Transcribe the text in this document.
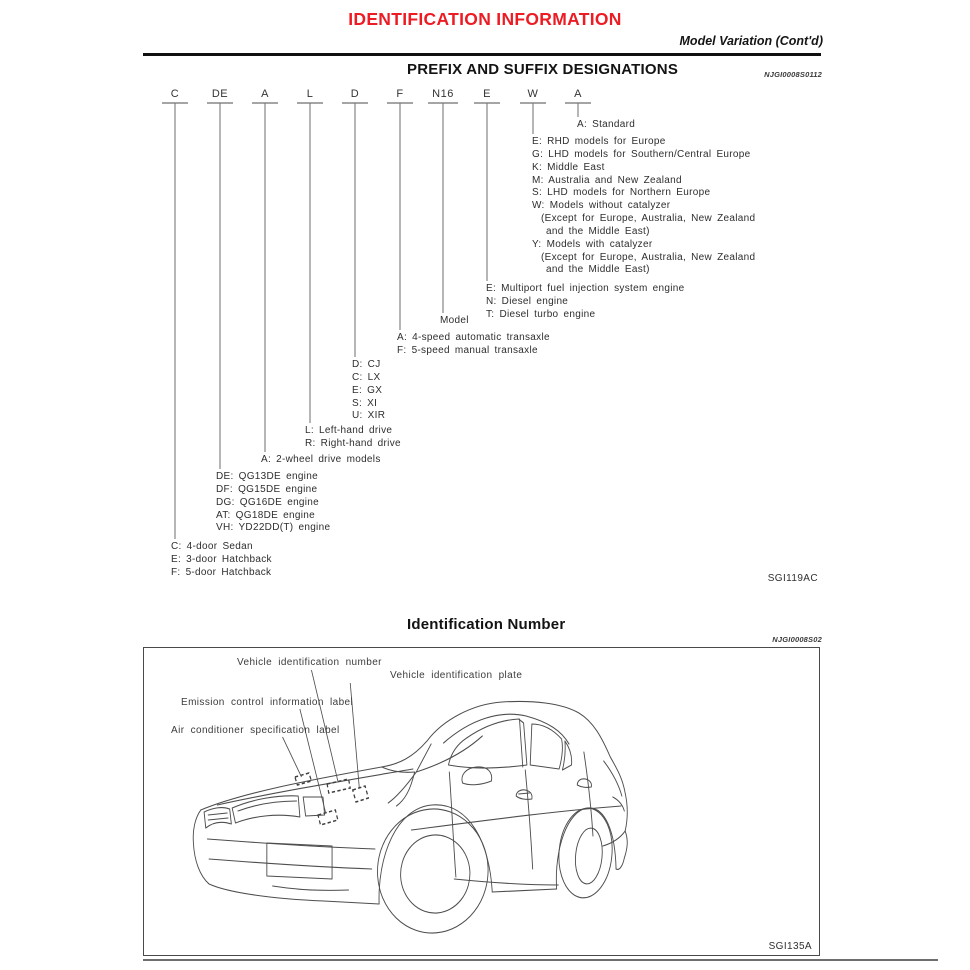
IDENTIFICATION INFORMATION
Model Variation (Cont'd)
PREFIX AND SUFFIX DESIGNATIONS	NJGI0008S0112
C	DE	A	L	D	F	N16	E	W	A
A: Standard
E: RHD models for Europe
G: LHD models for Southern/Central Europe
K: Middle East
M: Australia and New Zealand
S: LHD models for Northern Europe
W: Models without catalyzer
(Except for Europe, Australia, New Zealand
and the Middle East)
Y: Models with catalyzer
(Except for Europe, Australia, New Zealand
and the Middle East)
E: Multiport fuel injection system engine
N: Diesel engine
T: Diesel turbo engine
Model
A: 4-speed automatic transaxle
F: 5-speed manual transaxle
D: CJ
C: LX
E: GX
S: XI
U: XIR
L: Left-hand drive
R: Right-hand drive
A: 2-wheel drive models
DE: QG13DE engine
DF: QG15DE engine
DG: QG16DE engine
AT: QG18DE engine
VH: YD22DD(T) engine
C: 4-door Sedan
E: 3-door Hatchback
F: 5-door Hatchback
SGI119AC
Identification Number
NJGI0008S02
Vehicle identification number
Vehicle identification plate
Emission control information label
Air conditioner specification label
SGI135A
